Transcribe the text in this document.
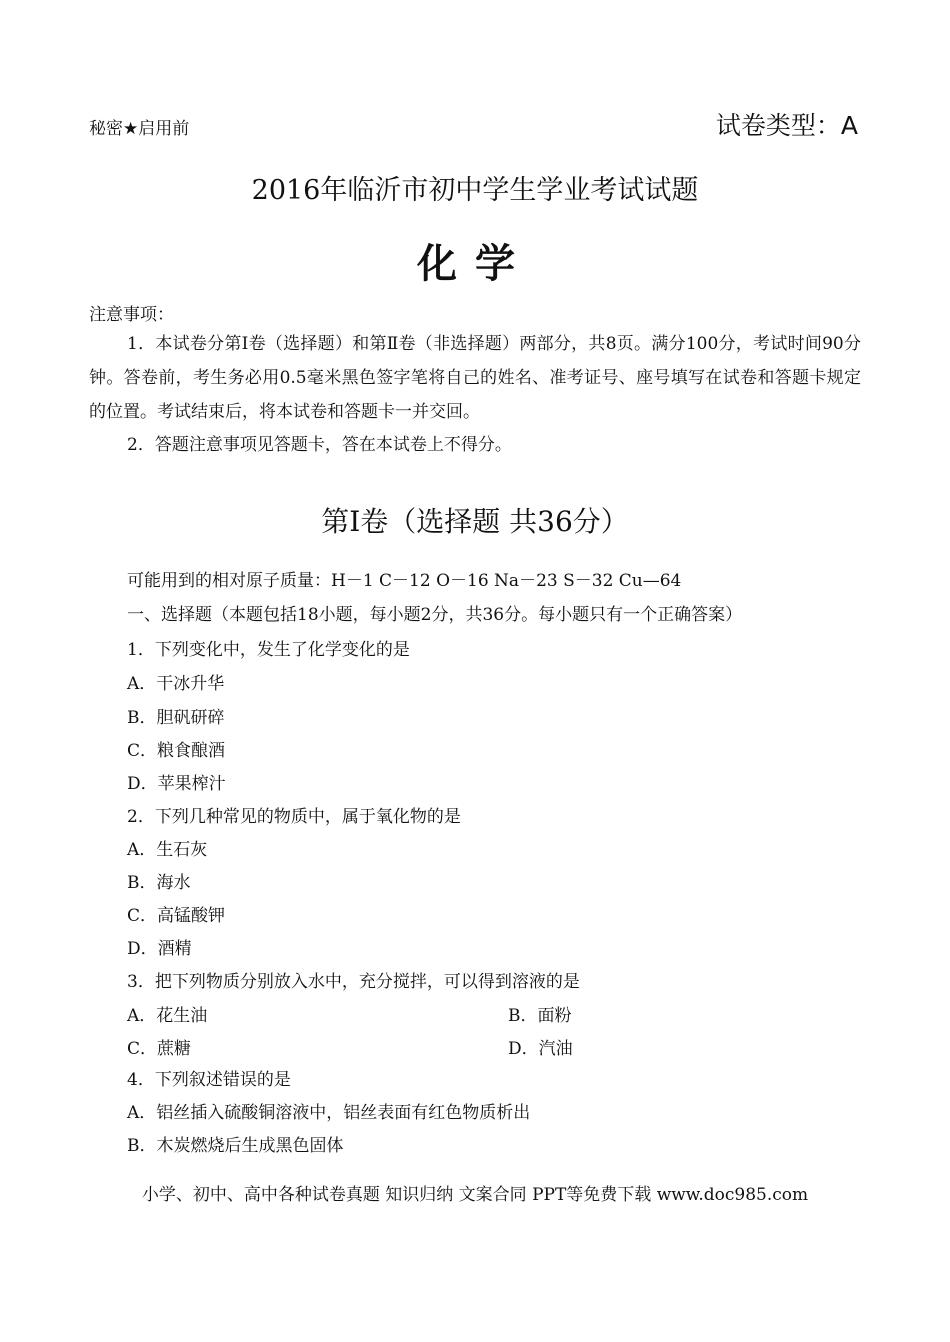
秘密★启用前	试卷类型：A
2016年临沂市初中学生学业考试试题
化学
注意事项：
1．本试卷分第Ⅰ卷（选择题）和第Ⅱ卷（非选择题）两部分，共8页。满分100分，考试时间90分钟。答卷前，考生务必用0.5毫米黑色签字笔将自己的姓名、准考证号、座号填写在试卷和答题卡规定的位置。考试结束后，将本试卷和答题卡一并交回。
2．答题注意事项见答题卡，答在本试卷上不得分。
第Ⅰ卷（选择题 共36分）
可能用到的相对原子质量：H－1 C－12 O－16 Na－23 S－32 Cu—64
一、选择题（本题包括18小题，每小题2分，共36分。每小题只有一个正确答案）
1．下列变化中，发生了化学变化的是
A．干冰升华
B．胆矾研碎
C．粮食酿酒
D．苹果榨汁
2．下列几种常见的物质中，属于氧化物的是
A．生石灰
B．海水
C．高锰酸钾
D．酒精
3．把下列物质分别放入水中，充分搅拌，可以得到溶液的是
A．花生油	B．面粉
C．蔗糖	D．汽油
4．下列叙述错误的是
A．铝丝插入硫酸铜溶液中，铝丝表面有红色物质析出
B．木炭燃烧后生成黑色固体
小学、初中、高中各种试卷真题 知识归纳 文案合同 PPT等免费下载 www.doc985.com
